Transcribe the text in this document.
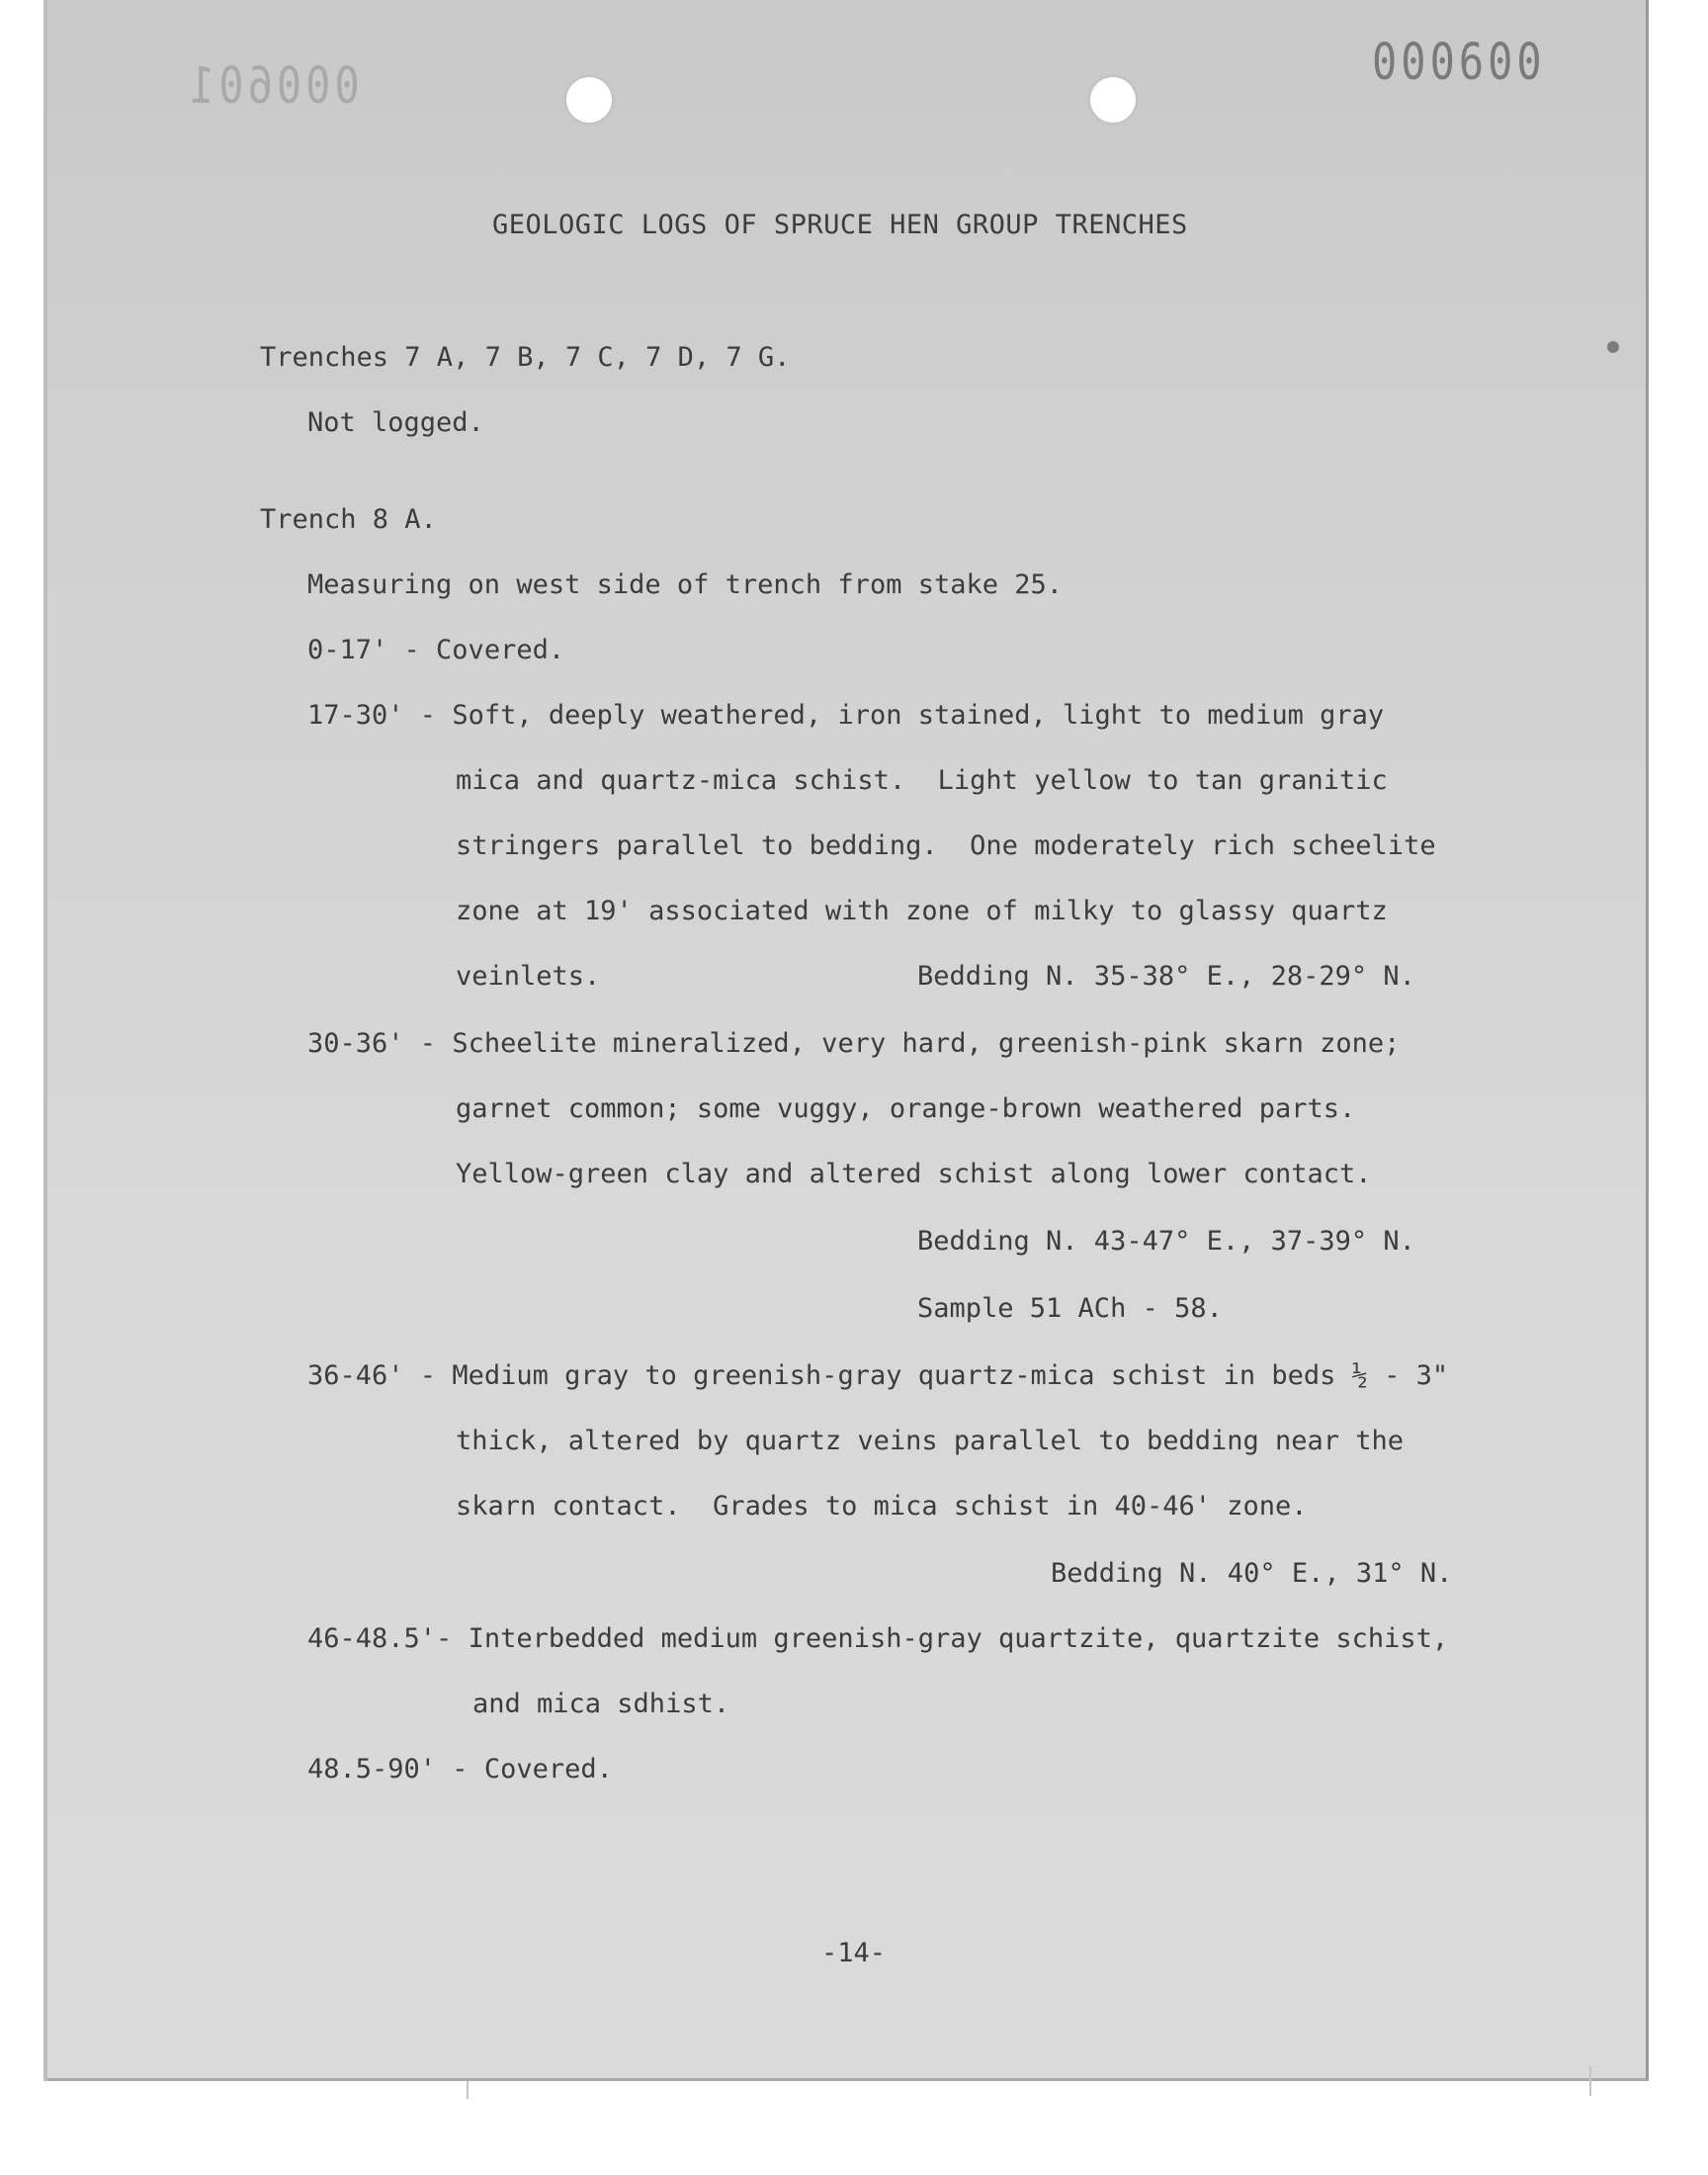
000601	000600
GEOLOGIC LOGS OF SPRUCE HEN GROUP TRENCHES
Trenches 7 A, 7 B, 7 C, 7 D, 7 G.
Not logged.
Trench 8 A.
Measuring on west side of trench from stake 25.
0-17' - Covered.
17-30' - Soft, deeply weathered, iron stained, light to medium gray
mica and quartz-mica schist.  Light yellow to tan granitic
stringers parallel to bedding.  One moderately rich scheelite
zone at 19' associated with zone of milky to glassy quartz
veinlets.	Bedding N. 35-38° E., 28-29° N.
30-36' - Scheelite mineralized, very hard, greenish-pink skarn zone;
garnet common; some vuggy, orange-brown weathered parts.
Yellow-green clay and altered schist along lower contact.
Bedding N. 43-47° E., 37-39° N.
Sample 51 ACh - 58.
36-46' - Medium gray to greenish-gray quartz-mica schist in beds ½ - 3"
thick, altered by quartz veins parallel to bedding near the
skarn contact.  Grades to mica schist in 40-46' zone.
Bedding N. 40° E., 31° N.
46-48.5'- Interbedded medium greenish-gray quartzite, quartzite schist,
and mica sdhist.
48.5-90' - Covered.
-14-
